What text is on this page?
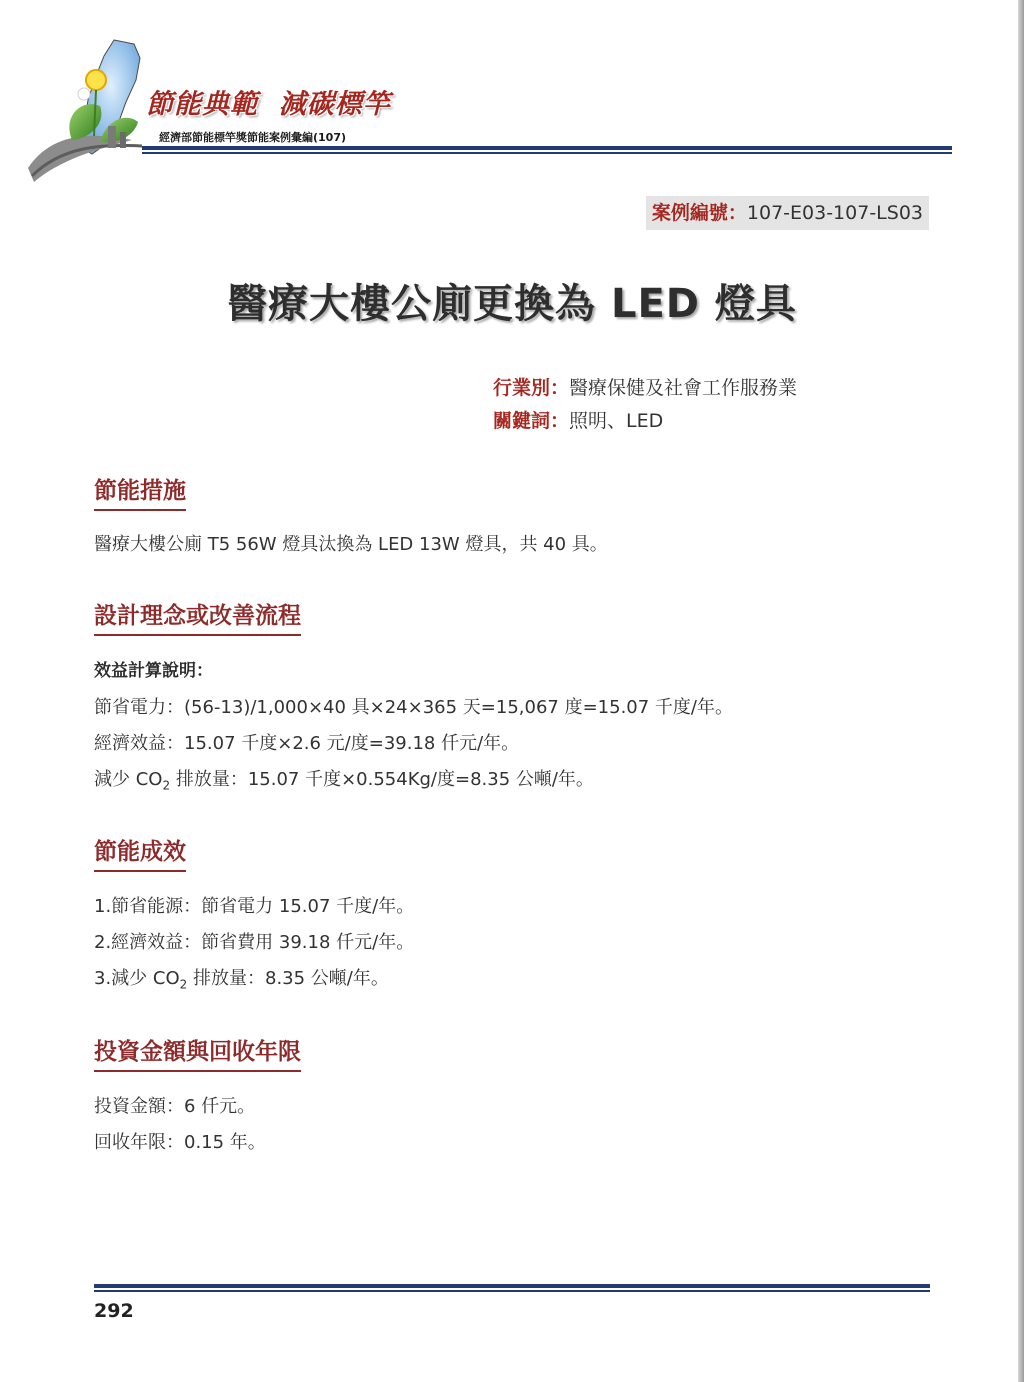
節能典範  減碳標竿
經濟部節能標竿獎節能案例彙編(107)
案例編號：107-E03-107-LS03
醫療大樓公廁更換為 LED 燈具
行業別：醫療保健及社會工作服務業
關鍵詞：照明、LED
節能措施
醫療大樓公廁 T5 56W 燈具汰換為 LED 13W 燈具，共 40 具。
設計理念或改善流程
效益計算說明：
節省電力：(56-13)/1,000×40 具×24×365 天=15,067 度=15.07 千度/年。
經濟效益：15.07 千度×2.6 元/度=39.18 仟元/年。
減少 $CO_2$ 排放量：15.07 千度×0.554Kg/度=8.35 公噸/年。
節能成效
1.節省能源：節省電力 15.07 千度/年。
2.經濟效益：節省費用 39.18 仟元/年。
3.減少 $CO_2$ 排放量：8.35 公噸/年。
投資金額與回收年限
投資金額：6 仟元。
回收年限：0.15 年。
292
